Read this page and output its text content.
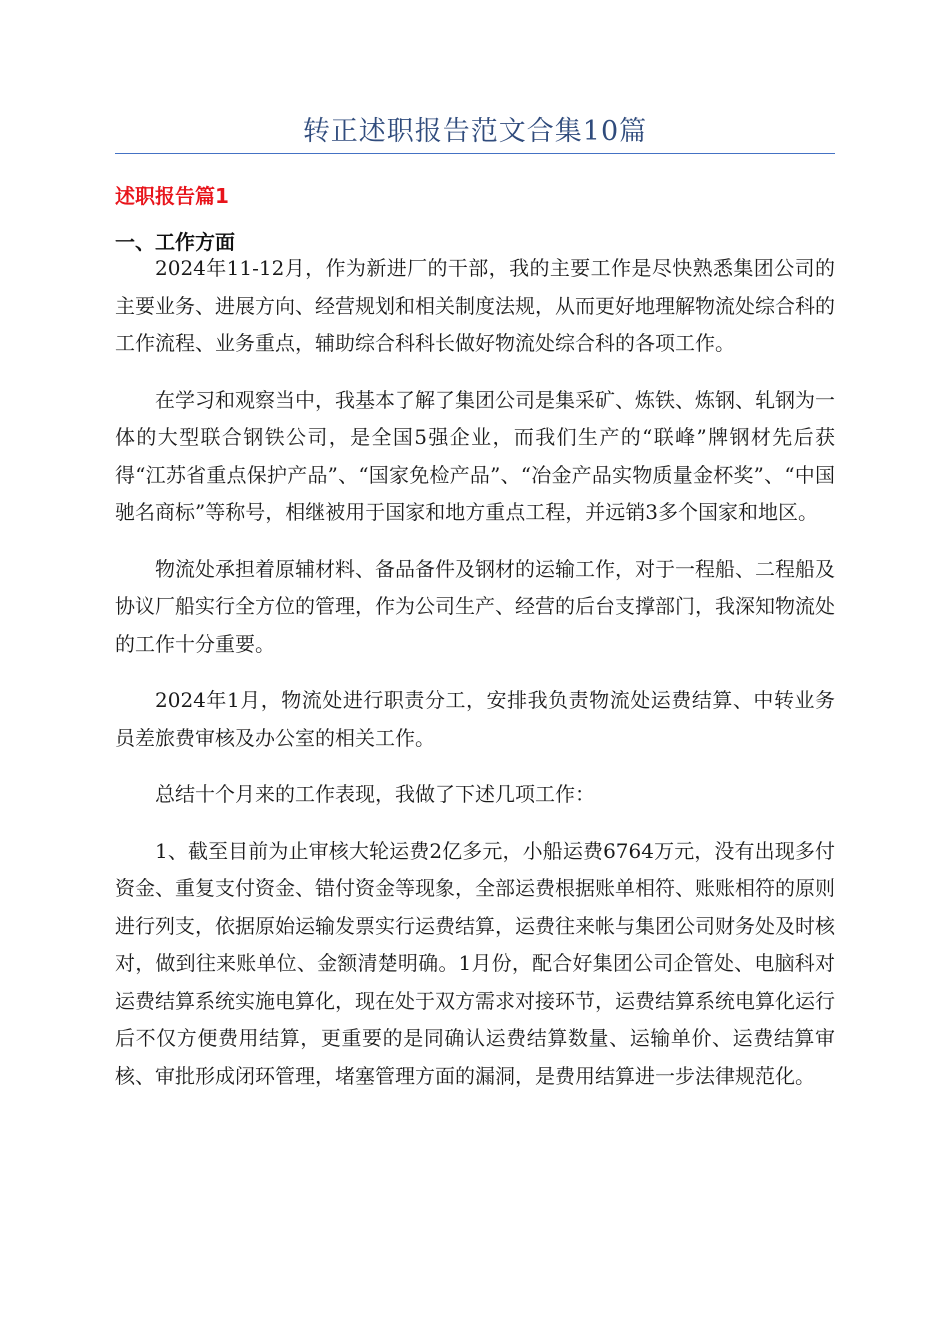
转正述职报告范文合集10篇
述职报告篇1
一、工作方面

2024年11-12月，作为新进厂的干部，我的主要工作是尽快熟悉集团公司的主要业务、进展方向、经营规划和相关制度法规，从而更好地理解物流处综合科的工作流程、业务重点，辅助综合科科长做好物流处综合科的各项工作。

在学习和观察当中，我基本了解了集团公司是集采矿、炼铁、炼钢、轧钢为一体的大型联合钢铁公司，是全国5强企业，而我们生产的“联峰”牌钢材先后获得“江苏省重点保护产品”、“国家免检产品”、“冶金产品实物质量金杯奖”、“中国驰名商标”等称号，相继被用于国家和地方重点工程，并远销3多个国家和地区。

物流处承担着原辅材料、备品备件及钢材的运输工作，对于一程船、二程船及协议厂船实行全方位的管理，作为公司生产、经营的后台支撑部门，我深知物流处的工作十分重要。

2024年1月，物流处进行职责分工，安排我负责物流处运费结算、中转业务员差旅费审核及办公室的相关工作。

总结十个月来的工作表现，我做了下述几项工作：

1、截至目前为止审核大轮运费2亿多元，小船运费6764万元，没有出现多付资金、重复支付资金、错付资金等现象，全部运费根据账单相符、账账相符的原则进行列支，依据原始运输发票实行运费结算，运费往来帐与集团公司财务处及时核对，做到往来账单位、金额清楚明确。1月份，配合好集团公司企管处、电脑科对运费结算系统实施电算化，现在处于双方需求对接环节，运费结算系统电算化运行后不仅方便费用结算，更重要的是同确认运费结算数量、运输单价、运费结算审核、审批形成闭环管理，堵塞管理方面的漏洞，是费用结算进一步法律规范化。
